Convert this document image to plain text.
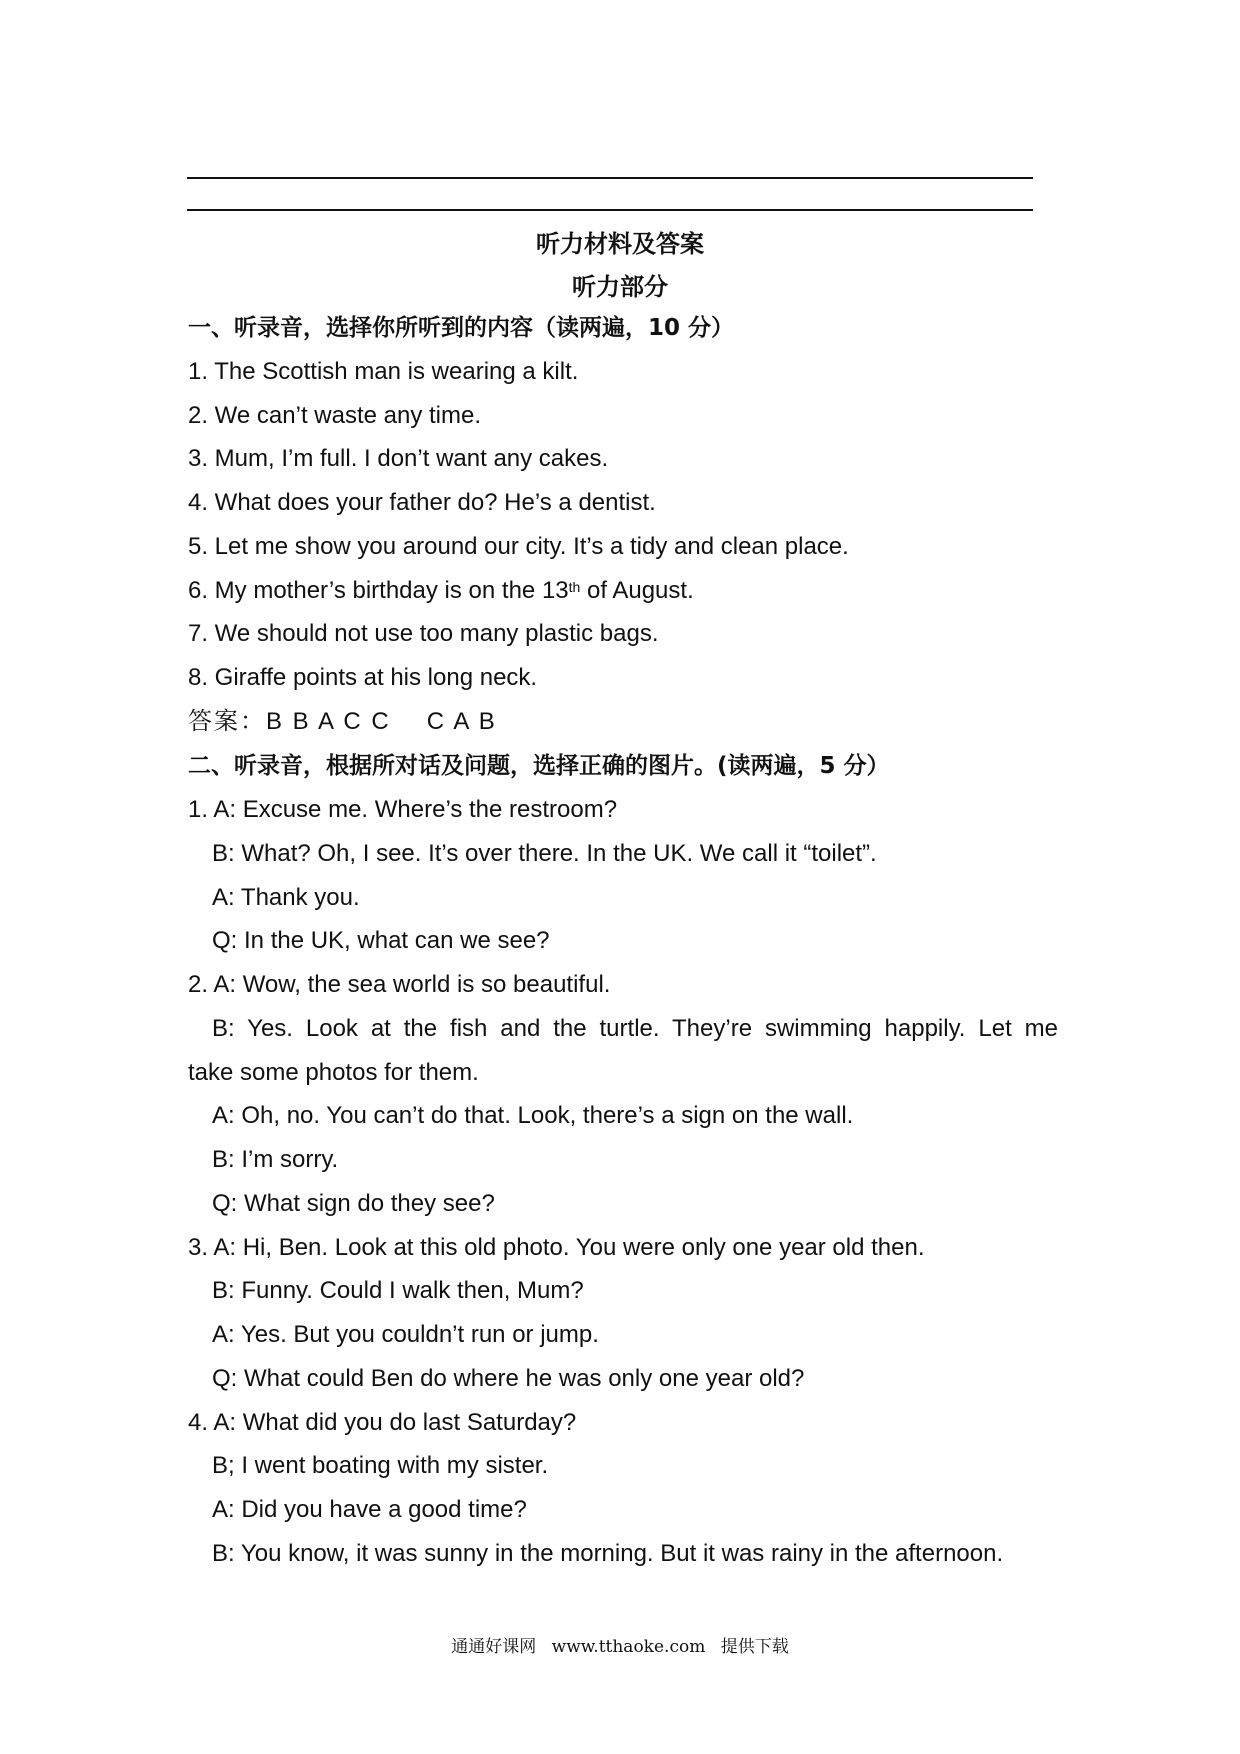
听力材料及答案
听力部分
一、听录音，选择你所听到的内容（读两遍，10 分）
1. The Scottish man is wearing a kilt.
2. We can’t waste any time.
3. Mum, I’m full. I don’t want any cakes.
4. What does your father do? He’s a dentist.
5. Let me show you around our city. It’s a tidy and clean place.
6. My mother’s birthday is on the 13th of August.
7. We should not use too many plastic bags.
8. Giraffe points at his long neck.
答案：B B A C C C A B
二、听录音，根据所对话及问题，选择正确的图片。(读两遍，5 分）
1. A: Excuse me. Where’s the restroom?
B: What? Oh, I see. It’s over there. In the UK. We call it “toilet”.
A: Thank you.
Q: In the UK, what can we see?
2. A: Wow, the sea world is so beautiful.
B: Yes. Look at the fish and the turtle. They’re swimming happily. Let me
take some photos for them.
A: Oh, no. You can’t do that. Look, there’s a sign on the wall.
B: I’m sorry.
Q: What sign do they see?
3. A: Hi, Ben. Look at this old photo. You were only one year old then.
B: Funny. Could I walk then, Mum?
A: Yes. But you couldn’t run or jump.
Q: What could Ben do where he was only one year old?
4. A: What did you do last Saturday?
B; I went boating with my sister.
A: Did you have a good time?
B: You know, it was sunny in the morning. But it was rainy in the afternoon.
通通好课网 www.tthaoke.com 提供下载
